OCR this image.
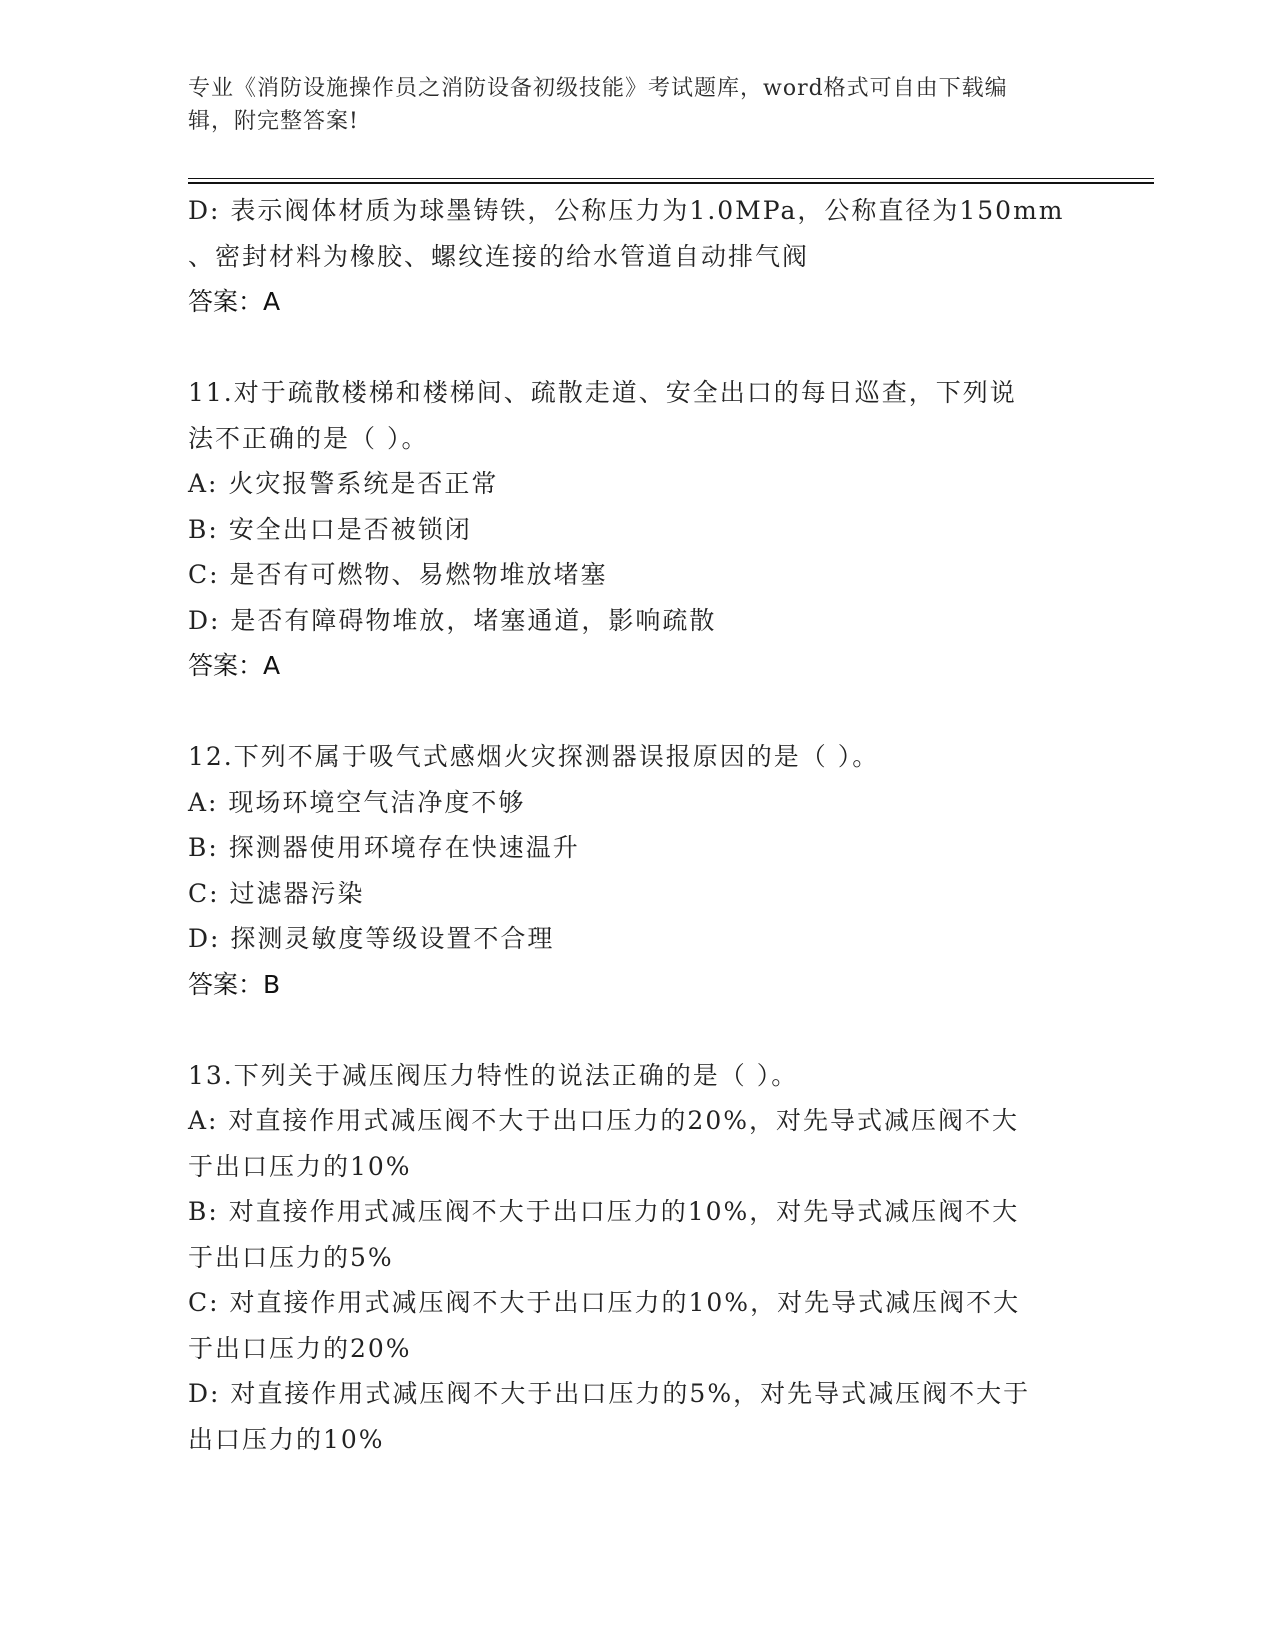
专业《消防设施操作员之消防设备初级技能》考试题库，word格式可自由下载编
辑，附完整答案!
D: 表示阀体材质为球墨铸铁，公称压力为1.0MPa，公称直径为150mm
、密封材料为橡胶、螺纹连接的给水管道自动排气阀
答案：A
11.对于疏散楼梯和楼梯间、疏散走道、安全出口的每日巡查，下列说
法不正确的是（ ）。
A: 火灾报警系统是否正常
B: 安全出口是否被锁闭
C: 是否有可燃物、易燃物堆放堵塞
D: 是否有障碍物堆放，堵塞通道，影响疏散
答案：A
12.下列不属于吸气式感烟火灾探测器误报原因的是（ ）。
A: 现场环境空气洁净度不够
B: 探测器使用环境存在快速温升
C: 过滤器污染
D: 探测灵敏度等级设置不合理
答案：B
13.下列关于减压阀压力特性的说法正确的是（ ）。
A: 对直接作用式减压阀不大于出口压力的20%，对先导式减压阀不大
于出口压力的10%
B: 对直接作用式减压阀不大于出口压力的10%，对先导式减压阀不大
于出口压力的5%
C: 对直接作用式减压阀不大于出口压力的10%，对先导式减压阀不大
于出口压力的20%
D: 对直接作用式减压阀不大于出口压力的5%，对先导式减压阀不大于
出口压力的10%
